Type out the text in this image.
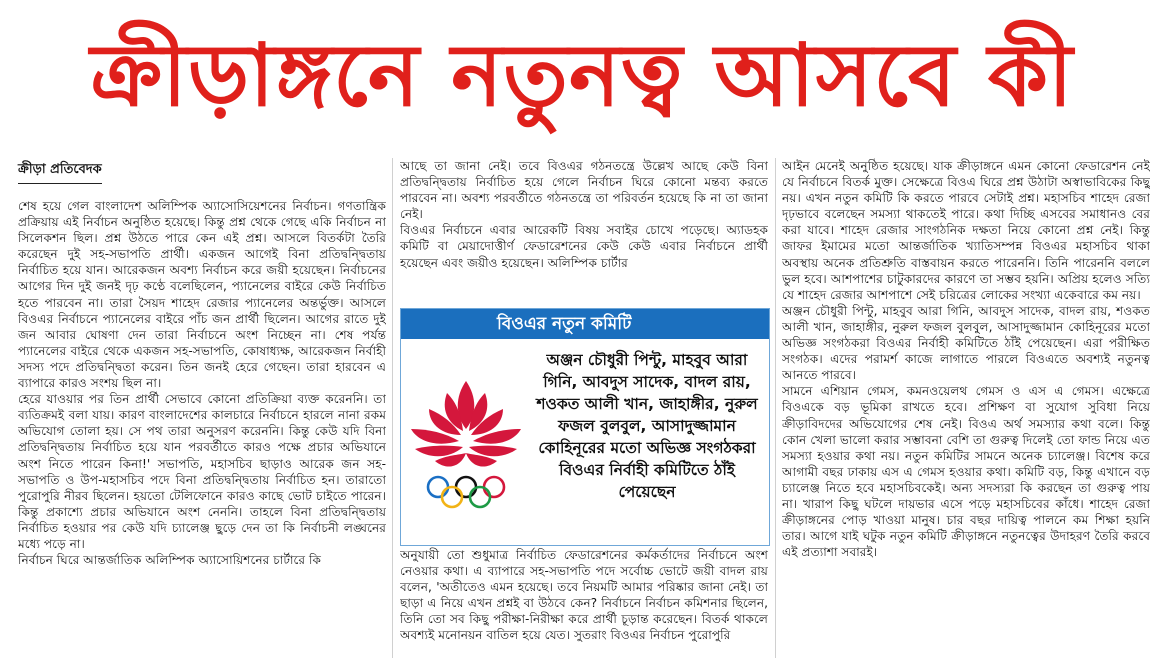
ক্রীড়াঙ্গনে নতুনত্ব আসবে কী
ক্রীড়া প্রতিবেদক

শেষ হয়ে গেল বাংলাদেশ অলিম্পিক অ্যাসোসিয়েশনের নির্বাচন। গণতান্ত্রিক প্রক্রিয়ায় এই নির্বাচন অনুষ্ঠিত হয়েছে। কিন্তু প্রশ্ন থেকে গেছে একি নির্বাচন না সিলেকশন ছিল। প্রশ্ন উঠতে পারে কেন এই প্রশ্ন। আসলে বিতর্কটা তৈরি করেছেন দুই সহ-সভাপতি প্রার্থী। একজন আগেই বিনা প্রতিদ্বন্দ্বিতায় নির্বাচিত হয়ে যান। আরেকজন অবশ্য নির্বাচন করে জয়ী হয়েছেন। নির্বাচনের আগের দিন দুই জনই দৃঢ় কণ্ঠে বলেছিলেন, প্যানেলের বাইরে কেউ নির্বাচিত হতে পারবেন না। তারা সৈয়দ শাহেদ রেজার প্যানেলের অন্তর্ভুক্ত। আসলে বিওএর নির্বাচনে প্যানেলের বাইরে পাঁচ জন প্রার্থী ছিলেন। আগের রাতে দুই জন আবার ঘোষণা দেন তারা নির্বাচনে অংশ নিচ্ছেন না। শেষ পর্যন্ত প্যানেলের বাইরে থেকে একজন সহ-সভাপতি, কোষাধ্যক্ষ, আরেকজন নির্বাহী সদস্য পদে প্রতিদ্বন্দ্বিতা করেন। তিন জনই হেরে গেছেন। তারা হারবেন এ ব্যাপারে কারও সংশয় ছিল না।

হেরে যাওয়ার পর তিন প্রার্থী সেভাবে কোনো প্রতিক্রিয়া ব্যক্ত করেননি। তা ব্যতিক্রমই বলা যায়। কারণ বাংলাদেশের কালচারে নির্বাচনে হারলে নানা রকম অভিযোগ তোলা হয়। সে পথ তারা অনুসরণ করেননি। কিন্তু কেউ যদি বিনা প্রতিদ্বন্দ্বিতায় নির্বাচিত হয়ে যান পরবর্তীতে কারও পক্ষে প্রচার অভিযানে অংশ নিতে পারেন কিনা!' সভাপতি, মহাসচিব ছাড়াও আরেক জন সহ-সভাপতি ও উপ-মহাসচিব পদে বিনা প্রতিদ্বন্দ্বিতায় নির্বাচিত হন। তারাতো পুরোপুরি নীরব ছিলেন। হয়তো টেলিফোনে কারও কাছে ভোট চাইতে পারেন। কিন্তু প্রকাশ্যে প্রচার অভিযানে অংশ নেননি। তাহলে বিনা প্রতিদ্বন্দ্বিতায় নির্বাচিত হওয়ার পর কেউ যদি চ্যালেঞ্জ ছুড়ে দেন তা কি নির্বাচনী লঙ্ঘনের মধ্যে পড়ে না।

নির্বাচন ঘিরে আন্তর্জাতিক অলিম্পিক অ্যাসোয়িশনের চার্টারে কি

আছে তা জানা নেই। তবে বিওএর গঠনতন্ত্রে উল্লেখ আছে কেউ বিনা প্রতিদ্বন্দ্বিতায় নির্বাচিত হয়ে গেলে নির্বাচন ঘিরে কোনো মন্তব্য করতে পারবেন না। অবশ্য পরবর্তীতে গঠনতন্ত্রে তা পরিবর্তন হয়েছে কি না তা জানা নেই।

বিওএর নির্বাচনে এবার আরেকটি বিষয় সবাইর চোখে পড়েছে। অ্যাডহক কমিটি বা মেয়াদোত্তীর্ণ ফেডারেশনের কেউ কেউ এবার নির্বাচনে প্রার্থী হয়েছেন এবং জয়ীও হয়েছেন। অলিম্পিক চার্টার

বিওএর নতুন কমিটি
অঞ্জন চৌধুরী পিন্টু, মাহবুব আরা গিনি, আবদুস সাদেক, বাদল রায়, শওকত আলী খান, জাহাঙ্গীর, নুরুল ফজল বুলবুল, আসাদুজ্জামান কোহিনূরের মতো অভিজ্ঞ সংগঠকরা বিওএর নির্বাহী কমিটিতে ঠাঁই পেয়েছেন

অনুযায়ী তো শুধুমাত্র নির্বাচিত ফেডারেশনের কর্মকর্তাদের নির্বাচনে অংশ নেওয়ার কথা। এ ব্যাপারে সহ-সভাপতি পদে সর্বোচ্চ ভোটে জয়ী বাদল রায় বলেন, 'অতীতেও এমন হয়েছে। তবে নিয়মটি আমার পরিষ্কার জানা নেই। তা ছাড়া এ নিয়ে এখন প্রশ্নই বা উঠবে কেন? নির্বাচনে নির্বাচন কমিশনার ছিলেন, তিনি তো সব কিছু পরীক্ষা-নিরীক্ষা করে প্রার্থী চূড়ান্ত করেছেন। বিতর্ক থাকলে অবশ্যই মনোনয়ন বাতিল হয়ে যেত। সুতরাং বিওএর নির্বাচন পুরোপুরি

আইন মেনেই অনুষ্ঠিত হয়েছে। যাক ক্রীড়াঙ্গনে এমন কোনো ফেডারেশন নেই যে নির্বাচনে বিতর্ক মুক্ত। সেক্ষেত্রে বিওএ ঘিরে প্রশ্ন উঠাটা অস্বাভাবিকের কিছু নয়। এখন নতুন কমিটি কি করতে পারবে সেটাই প্রশ্ন। মহাসচিব শাহেদ রেজা দৃঢ়ভাবে বলেছেন সমস্যা থাকতেই পারে। কথা দিচ্ছি এসবের সমাধানও বের করা যাবে। শাহেদ রেজার সাংগঠনিক দক্ষতা নিয়ে কোনো প্রশ্ন নেই। কিন্তু জাফর ইমামের মতো আন্তর্জাতিক খ্যাতিসম্পন্ন বিওএর মহাসচিব থাকা অবস্থায় অনেক প্রতিশ্রুতি বাস্তবায়ন করতে পারেননি। তিনি পারেননি বললে ভুল হবে। আশপাশের চাটুকারদের কারণে তা সম্ভব হয়নি। অপ্রিয় হলেও সত্যি যে শাহেদ রেজার আশপাশে সেই চরিত্রের লোকের সংখ্যা একেবারে কম নয়।

অঞ্জন চৌধুরী পিন্টু, মাহবুব আরা গিনি, আবদুস সাদেক, বাদল রায়, শওকত আলী খান, জাহাঙ্গীর, নুরুল ফজল বুলবুল, আসাদুজ্জামান কোহিনূরের মতো অভিজ্ঞ সংগঠকরা বিওএর নির্বাহী কমিটিতে ঠাঁই পেয়েছেন। এরা পরীক্ষিত সংগঠক। এদের পরামর্শ কাজে লাগাতে পারলে বিওএতে অবশ্যই নতুনত্ব আনতে পারবে।

সামনে এশিয়ান গেমস, কমনওয়েলথ গেমস ও এস এ গেমস। এক্ষেত্রে বিওএকে বড় ভূমিকা রাখতে হবে। প্রশিক্ষণ বা সুযোগ সুবিধা নিয়ে ক্রীড়াবিদদের অভিযোগের শেষ নেই। বিওএ অর্থ সমস্যার কথা বলে। কিন্তু কোন খেলা ভালো করার সম্ভাবনা বেশি তা গুরুত্ব দিলেই তো ফান্ড নিয়ে এত সমস্যা হওয়ার কথা নয়। নতুন কমিটির সামনে অনেক চ্যালেঞ্জ। বিশেষ করে আগামী বছর ঢাকায় এস এ গেমস হওয়ার কথা। কমিটি বড়, কিন্তু এখানে বড় চ্যালেঞ্জ নিতে হবে মহাসচিবকেই। অন্য সদস্যরা কি করছেন তা গুরুত্ব পায় না। খারাপ কিছু ঘটলে দায়ভার এসে পড়ে মহাসচিবের কাঁধে। শাহেদ রেজা ক্রীড়াঙ্গনের পোড় খাওয়া মানুষ। চার বছর দায়িত্ব পালনে কম শিক্ষা হয়নি তার। আগে যাই ঘটুক নতুন কমিটি ক্রীড়াঙ্গনে নতুনত্বের উদাহরণ তৈরি করবে এই প্রত্যাশা সবারই।
